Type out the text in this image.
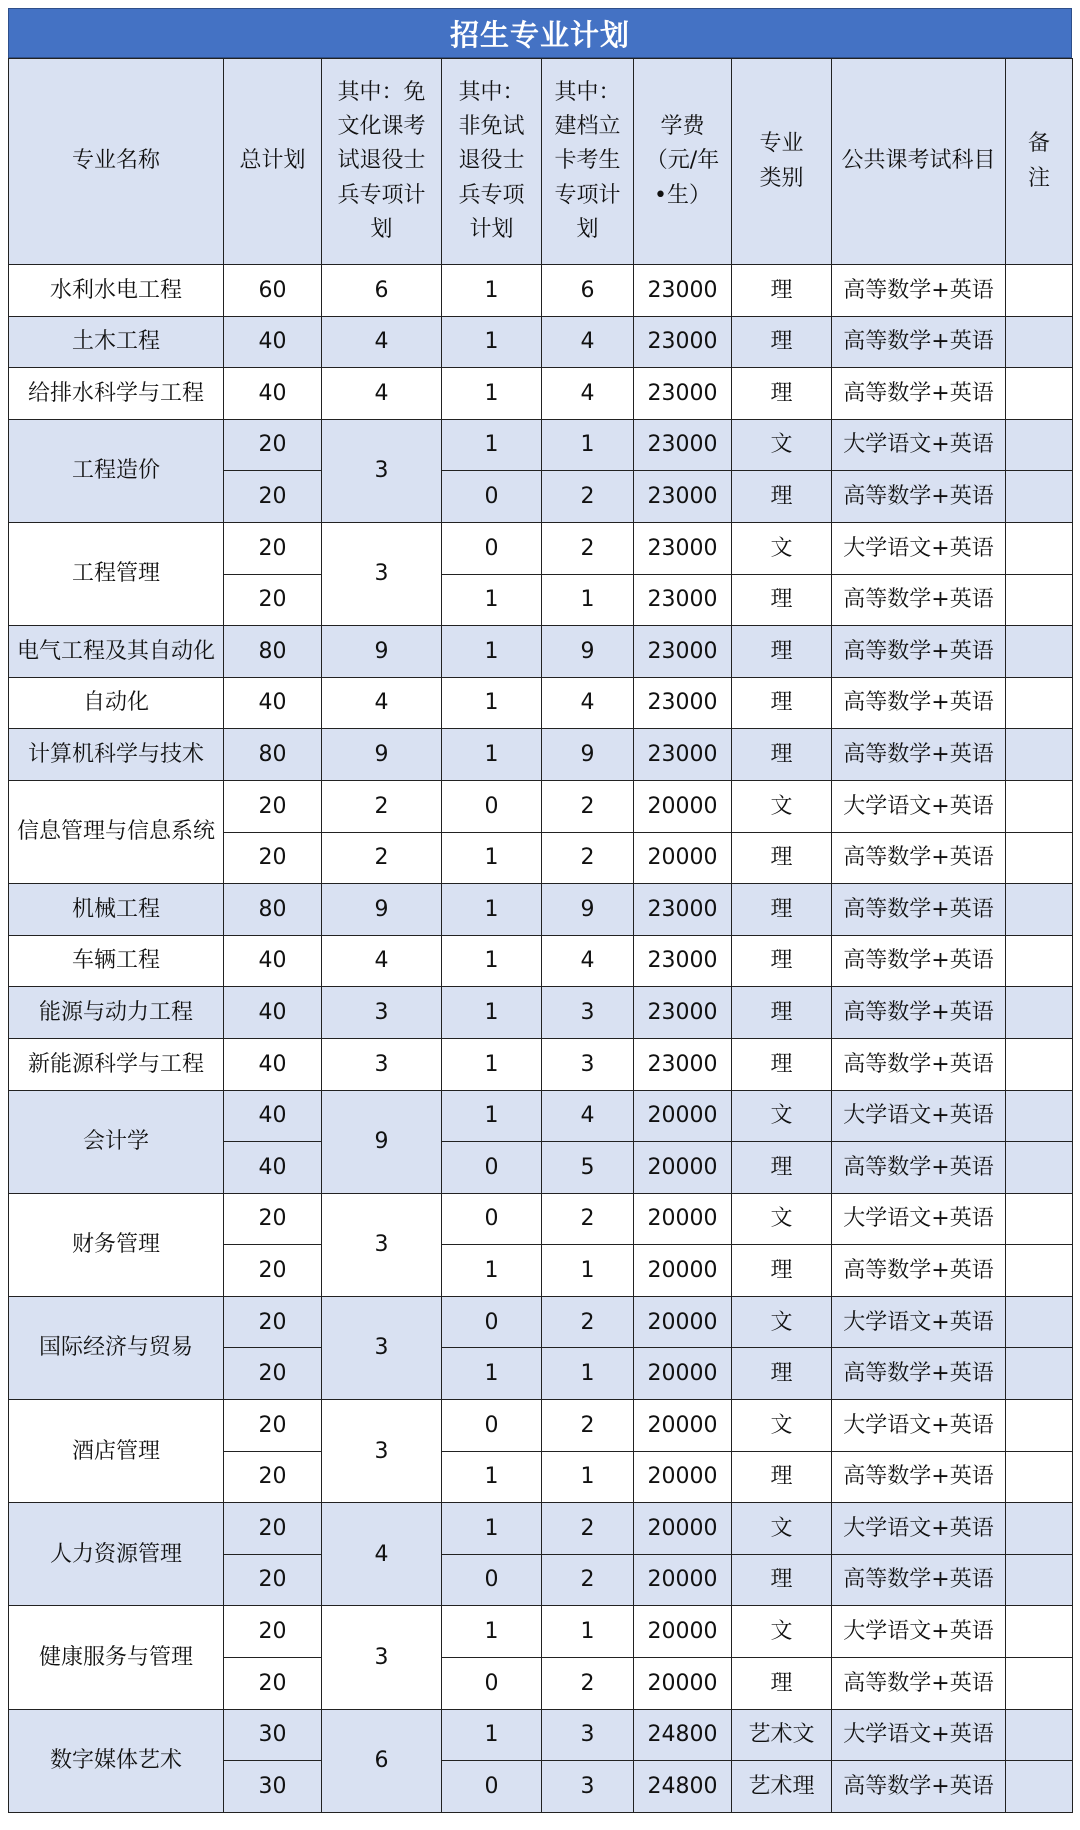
招生专业计划
专业名称	总计划	其中：免文化课考试退役士兵专项计划	其中：非免试退役士兵专项计划	其中：建档立卡考生专项计划	学费（元/年•生）	专业类别	公共课考试科目	备注
水利水电工程	60	6	1	6	23000	理	高等数学+英语	
土木工程	40	4	1	4	23000	理	高等数学+英语	
给排水科学与工程	40	4	1	4	23000	理	高等数学+英语	
工程造价	20	3	1	1	23000	文	大学语文+英语	
	20		0	2	23000	理	高等数学+英语	
工程管理	20	3	0	2	23000	文	大学语文+英语	
	20		1	1	23000	理	高等数学+英语	
电气工程及其自动化	80	9	1	9	23000	理	高等数学+英语	
自动化	40	4	1	4	23000	理	高等数学+英语	
计算机科学与技术	80	9	1	9	23000	理	高等数学+英语	
信息管理与信息系统	20	2	0	2	20000	文	大学语文+英语	
	20	2	1	2	20000	理	高等数学+英语	
机械工程	80	9	1	9	23000	理	高等数学+英语	
车辆工程	40	4	1	4	23000	理	高等数学+英语	
能源与动力工程	40	3	1	3	23000	理	高等数学+英语	
新能源科学与工程	40	3	1	3	23000	理	高等数学+英语	
会计学	40	9	1	4	20000	文	大学语文+英语	
	40		0	5	20000	理	高等数学+英语	
财务管理	20	3	0	2	20000	文	大学语文+英语	
	20		1	1	20000	理	高等数学+英语	
国际经济与贸易	20	3	0	2	20000	文	大学语文+英语	
	20		1	1	20000	理	高等数学+英语	
酒店管理	20	3	0	2	20000	文	大学语文+英语	
	20		1	1	20000	理	高等数学+英语	
人力资源管理	20	4	1	2	20000	文	大学语文+英语	
	20		0	2	20000	理	高等数学+英语	
健康服务与管理	20	3	1	1	20000	文	大学语文+英语	
	20		0	2	20000	理	高等数学+英语	
数字媒体艺术	30	6	1	3	24800	艺术文	大学语文+英语	
	30		0	3	24800	艺术理	高等数学+英语	
